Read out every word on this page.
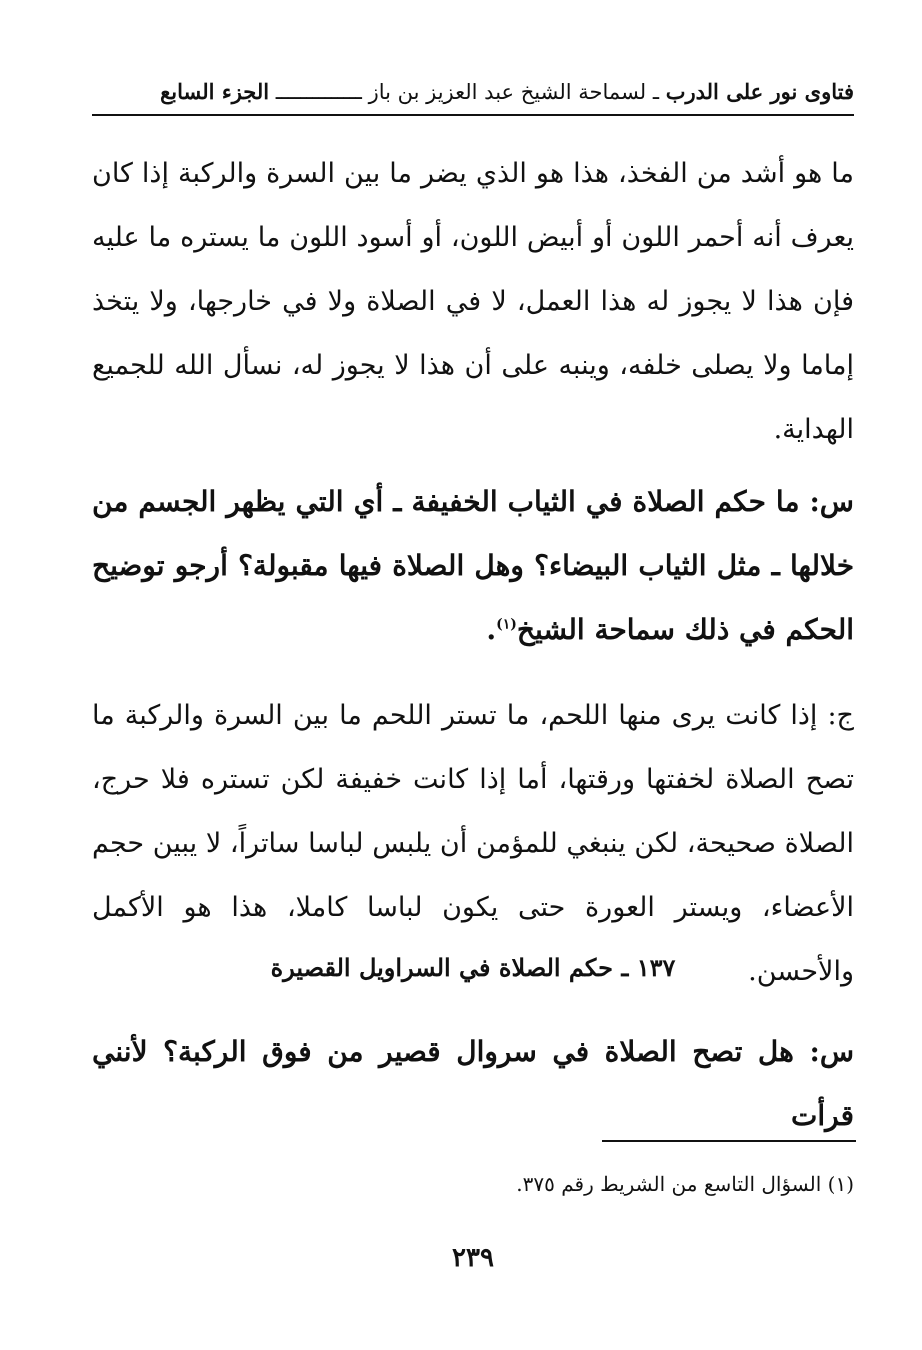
فتاوى نور على الدرب ـ لسماحة الشيخ عبد العزيز بن باز ــــــــــــــ الجزء السابع
ما هو أشد من الفخذ، هذا هو الذي يضر ما بين السرة والركبة إذا كان يعرف أنه أحمر اللون أو أبيض اللون، أو أسود اللون ما يستره ما عليه فإن هذا لا يجوز له هذا العمل، لا في الصلاة ولا في خارجها، ولا يتخذ إماما ولا يصلى خلفه، وينبه على أن هذا لا يجوز له، نسأل الله للجميع الهداية.
س: ما حكم الصلاة في الثياب الخفيفة ـ أي التي يظهر الجسم من خلالها ـ مثل الثياب البيضاء؟ وهل الصلاة فيها مقبولة؟ أرجو توضيح الحكم في ذلك سماحة الشيخ$^{(١)}$.
ج: إذا كانت يرى منها اللحم، ما تستر اللحم ما بين السرة والركبة ما تصح الصلاة لخفتها ورقتها، أما إذا كانت خفيفة لكن تستره فلا حرج، الصلاة صحيحة، لكن ينبغي للمؤمن أن يلبس لباسا ساتراً، لا يبين حجم الأعضاء، ويستر العورة حتى يكون لباسا كاملا، هذا هو الأكمل والأحسن.
١٣٧ ـ حكم الصلاة في السراويل القصيرة
س: هل تصح الصلاة في سروال قصير من فوق الركبة؟ لأنني قرأت
(١) السؤال التاسع من الشريط رقم ٣٧٥.
٢٣٩
